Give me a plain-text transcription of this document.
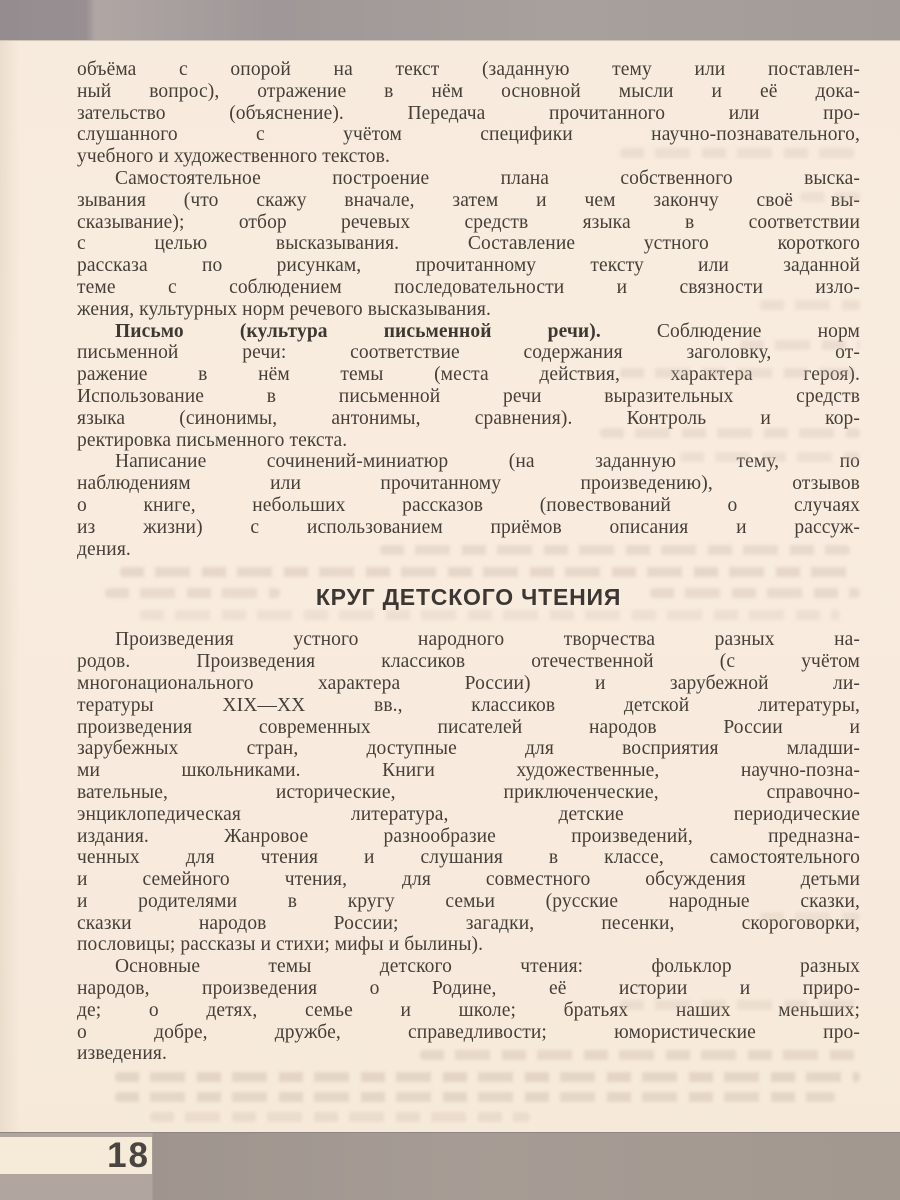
объёма с опорой на текст (заданную тему или поставлен-
ный вопрос), отражение в нём основной мысли и её дока-
зательство (объяснение). Передача прочитанного или про-
слушанного с учётом специфики научно-познавательного,
учебного и художественного текстов.
Самостоятельное построение плана собственного выска-
зывания (что скажу вначале, затем и чем закончу своё вы-
сказывание); отбор речевых средств языка в соответствии
с целью высказывания. Составление устного короткого
рассказа по рисункам, прочитанному тексту или заданной
теме с соблюдением последовательности и связности изло-
жения, культурных норм речевого высказывания.
Письмо (культура письменной речи). Соблюдение норм
письменной речи: соответствие содержания заголовку, от-
ражение в нём темы (места действия, характера героя).
Использование в письменной речи выразительных средств
языка (синонимы, антонимы, сравнения). Контроль и кор-
ректировка письменного текста.
Написание сочинений-миниатюр (на заданную тему, по
наблюдениям или прочитанному произведению), отзывов
о книге, небольших рассказов (повествований о случаях
из жизни) с использованием приёмов описания и рассуж-
дения.
КРУГ ДЕТСКОГО ЧТЕНИЯ
Произведения устного народного творчества разных на-
родов. Произведения классиков отечественной (с учётом
многонационального характера России) и зарубежной ли-
тературы XIX—XX вв., классиков детской литературы,
произведения современных писателей народов России и
зарубежных стран, доступные для восприятия младши-
ми школьниками. Книги художественные, научно-позна-
вательные, исторические, приключенческие, справочно-
энциклопедическая литература, детские периодические
издания. Жанровое разнообразие произведений, предназна-
ченных для чтения и слушания в классе, самостоятельного
и семейного чтения, для совместного обсуждения детьми
и родителями в кругу семьи (русские народные сказки,
сказки народов России; загадки, песенки, скороговорки,
пословицы; рассказы и стихи; мифы и былины).
Основные темы детского чтения: фольклор разных
народов, произведения о Родине, её истории и приро-
де; о детях, семье и школе; братьях наших меньших;
о добре, дружбе, справедливости; юмористические про-
изведения.
18
